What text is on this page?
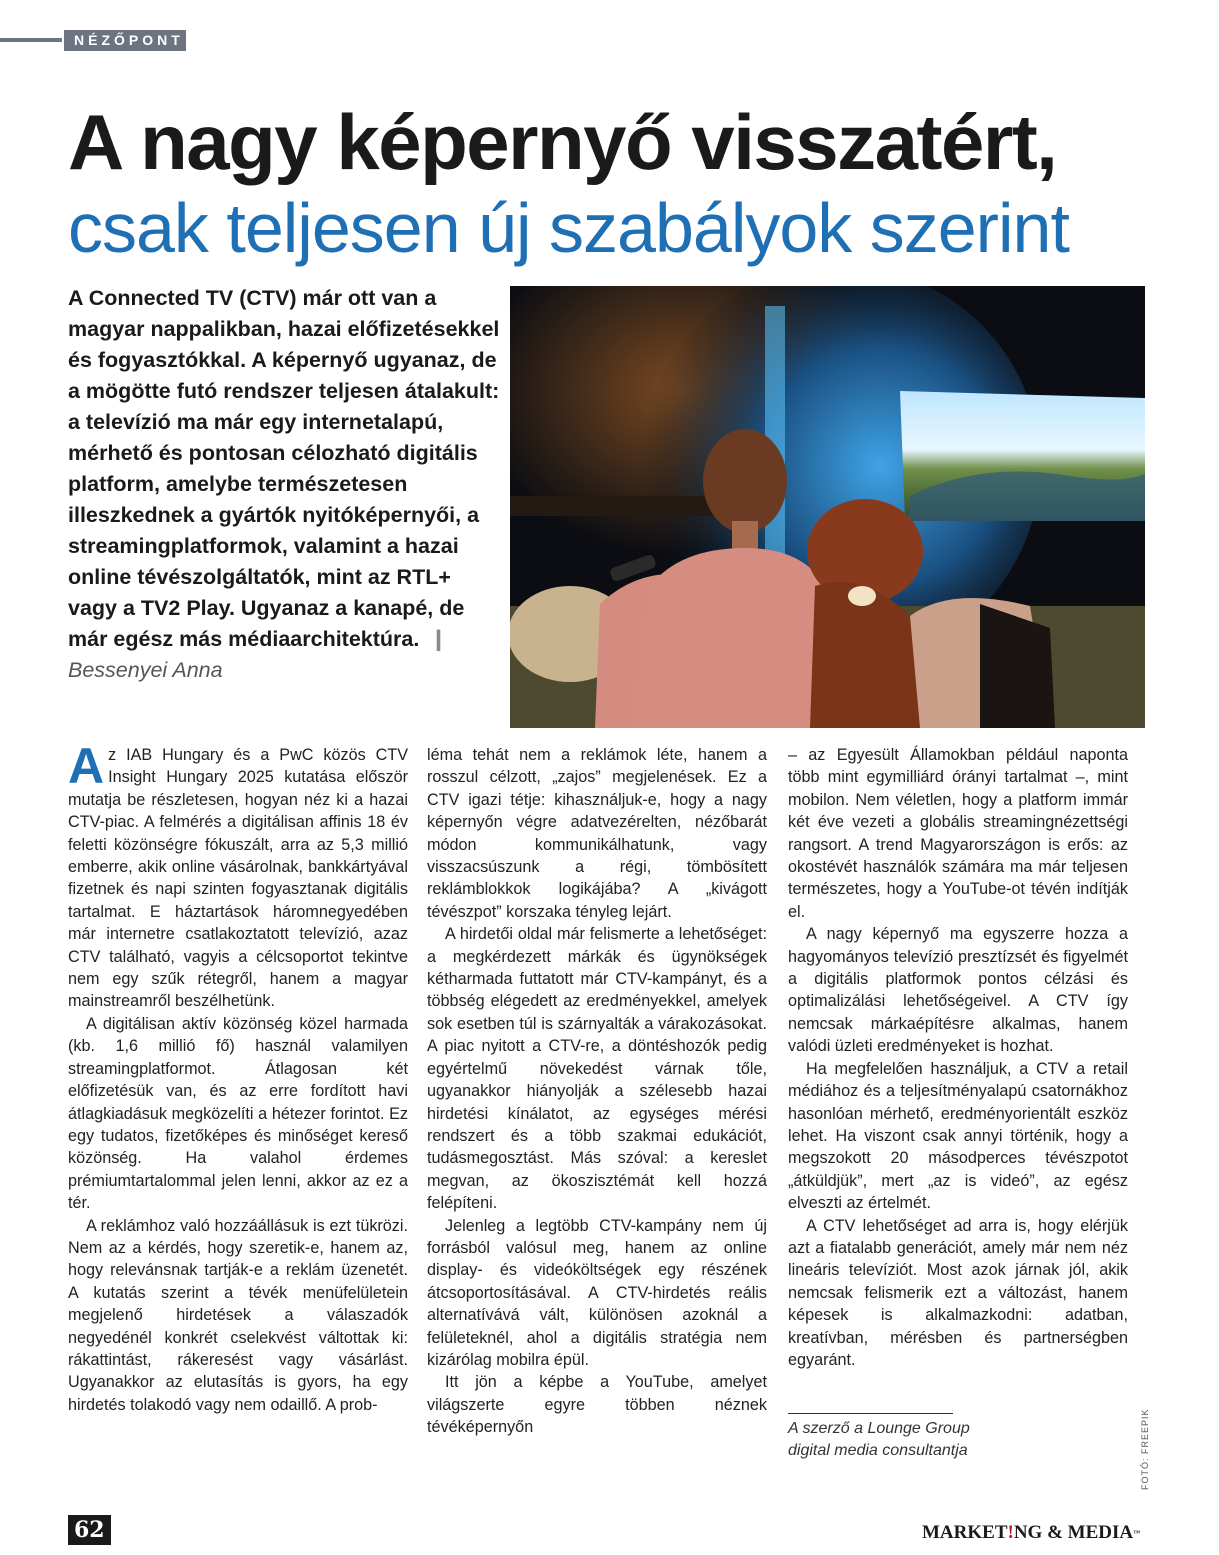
NÉZŐPONT
A nagy képernyő visszatért,
csak teljesen új szabályok szerint
A Connected TV (CTV) már ott van a magyar nappalikban, hazai előfizetésekkel és fogyasztókkal. A képernyő ugyanaz, de a mögötte futó rendszer teljesen átalakult: a televízió ma már egy internetalapú, mérhető és pontosan célozható digitális platform, amelybe természetesen illeszkednek a gyártók nyitóképernyői, a streamingplatformok, valamint a hazai online tévészolgáltatók, mint az RTL+ vagy a TV2 Play. Ugyanaz a kanapé, de már egész más médiaarchitektúra. ❙ Bessenyei Anna

Az IAB Hungary és a PwC közös CTV Insight Hungary 2025 kutatása először mutatja be részletesen, hogyan néz ki a hazai CTV-piac. A felmérés a digitálisan affinis 18 év feletti közönségre fókuszált, arra az 5,3 millió emberre, akik online vásárolnak, bankkártyával fizetnek és napi szinten fogyasztanak digitális tartalmat. E háztartások háromnegyedében már internetre csatlakoztatott televízió, azaz CTV található, vagyis a célcsoportot tekintve nem egy szűk rétegről, hanem a magyar mainstreamről beszélhetünk.

A digitálisan aktív közönség közel harmada (kb. 1,6 millió fő) használ valamilyen streamingplatformot. Átlagosan két előfizetésük van, és az erre fordított havi átlagkiadásuk megközelíti a hétezer forintot. Ez egy tudatos, fizetőképes és minőséget kereső közönség. Ha valahol érdemes prémiumtartalommal jelen lenni, akkor az ez a tér.

A reklámhoz való hozzáállásuk is ezt tükrözi. Nem az a kérdés, hogy szeretik-e, hanem az, hogy relevánsnak tartják-e a reklám üzenetét. A kutatás szerint a tévék menüfelületein megjelenő hirdetések a válaszadók negyedénél konkrét cselekvést váltottak ki: rákattintást, rákeresést vagy vásárlást. Ugyanakkor az elutasítás is gyors, ha egy hirdetés tolakodó vagy nem odaillő. A prob-

léma tehát nem a reklámok léte, hanem a rosszul célzott, „zajos” megjelenések. Ez a CTV igazi tétje: kihasználjuk-e, hogy a nagy képernyőn végre adatvezérelten, nézőbarát módon kommunikálhatunk, vagy visszacsúszunk a régi, tömbösített reklámblokkok logikájába? A „kivágott tévészpot” korszaka tényleg lejárt.

A hirdetői oldal már felismerte a lehetőséget: a megkérdezett márkák és ügynökségek kétharmada futtatott már CTV-kampányt, és a többség elégedett az eredményekkel, amelyek sok esetben túl is szárnyalták a várakozásokat. A piac nyitott a CTV-re, a döntéshozók pedig egyértelmű növekedést várnak tőle, ugyanakkor hiányolják a szélesebb hazai hirdetési kínálatot, az egységes mérési rendszert és a több szakmai edukációt, tudásmegosztást. Más szóval: a kereslet megvan, az ökoszisztémát kell hozzá felépíteni.

Jelenleg a legtöbb CTV-kampány nem új forrásból valósul meg, hanem az online display- és videóköltségek egy részének átcsoportosításával. A CTV-hirdetés reális alternatívává vált, különösen azoknál a felületeknél, ahol a digitális stratégia nem kizárólag mobilra épül.

Itt jön a képbe a YouTube, amelyet világszerte egyre többen néznek tévéképernyőn

– az Egyesült Államokban például naponta több mint egymilliárd órányi tartalmat –, mint mobilon. Nem véletlen, hogy a platform immár két éve vezeti a globális streamingnézettségi rangsort. A trend Magyarországon is erős: az okostévét használók számára ma már teljesen természetes, hogy a YouTube-ot tévén indítják el.

A nagy képernyő ma egyszerre hozza a hagyományos televízió presztízsét és figyelmét a digitális platformok pontos célzási és optimalizálási lehetőségeivel. A CTV így nemcsak márkaépítésre alkalmas, hanem valódi üzleti eredményeket is hozhat.

Ha megfelelően használjuk, a CTV a retail médiához és a teljesítményalapú csatornákhoz hasonlóan mérhető, eredményorientált eszköz lehet. Ha viszont csak annyi történik, hogy a megszokott 20 másodperces tévészpotot „átküldjük”, mert „az is videó”, az egész elveszti az értelmét.

A CTV lehetőséget ad arra is, hogy elérjük azt a fiatalabb generációt, amely már nem néz lineáris televíziót. Most azok járnak jól, akik nemcsak felismerik ezt a változást, hanem képesek is alkalmazkodni: adatban, kreatívban, mérésben és partnerségben egyaránt.

A szerző a Lounge Group
digital media consultantja	FOTÓ: FREEPIK
62	MARKET!NG & MEDIA™
